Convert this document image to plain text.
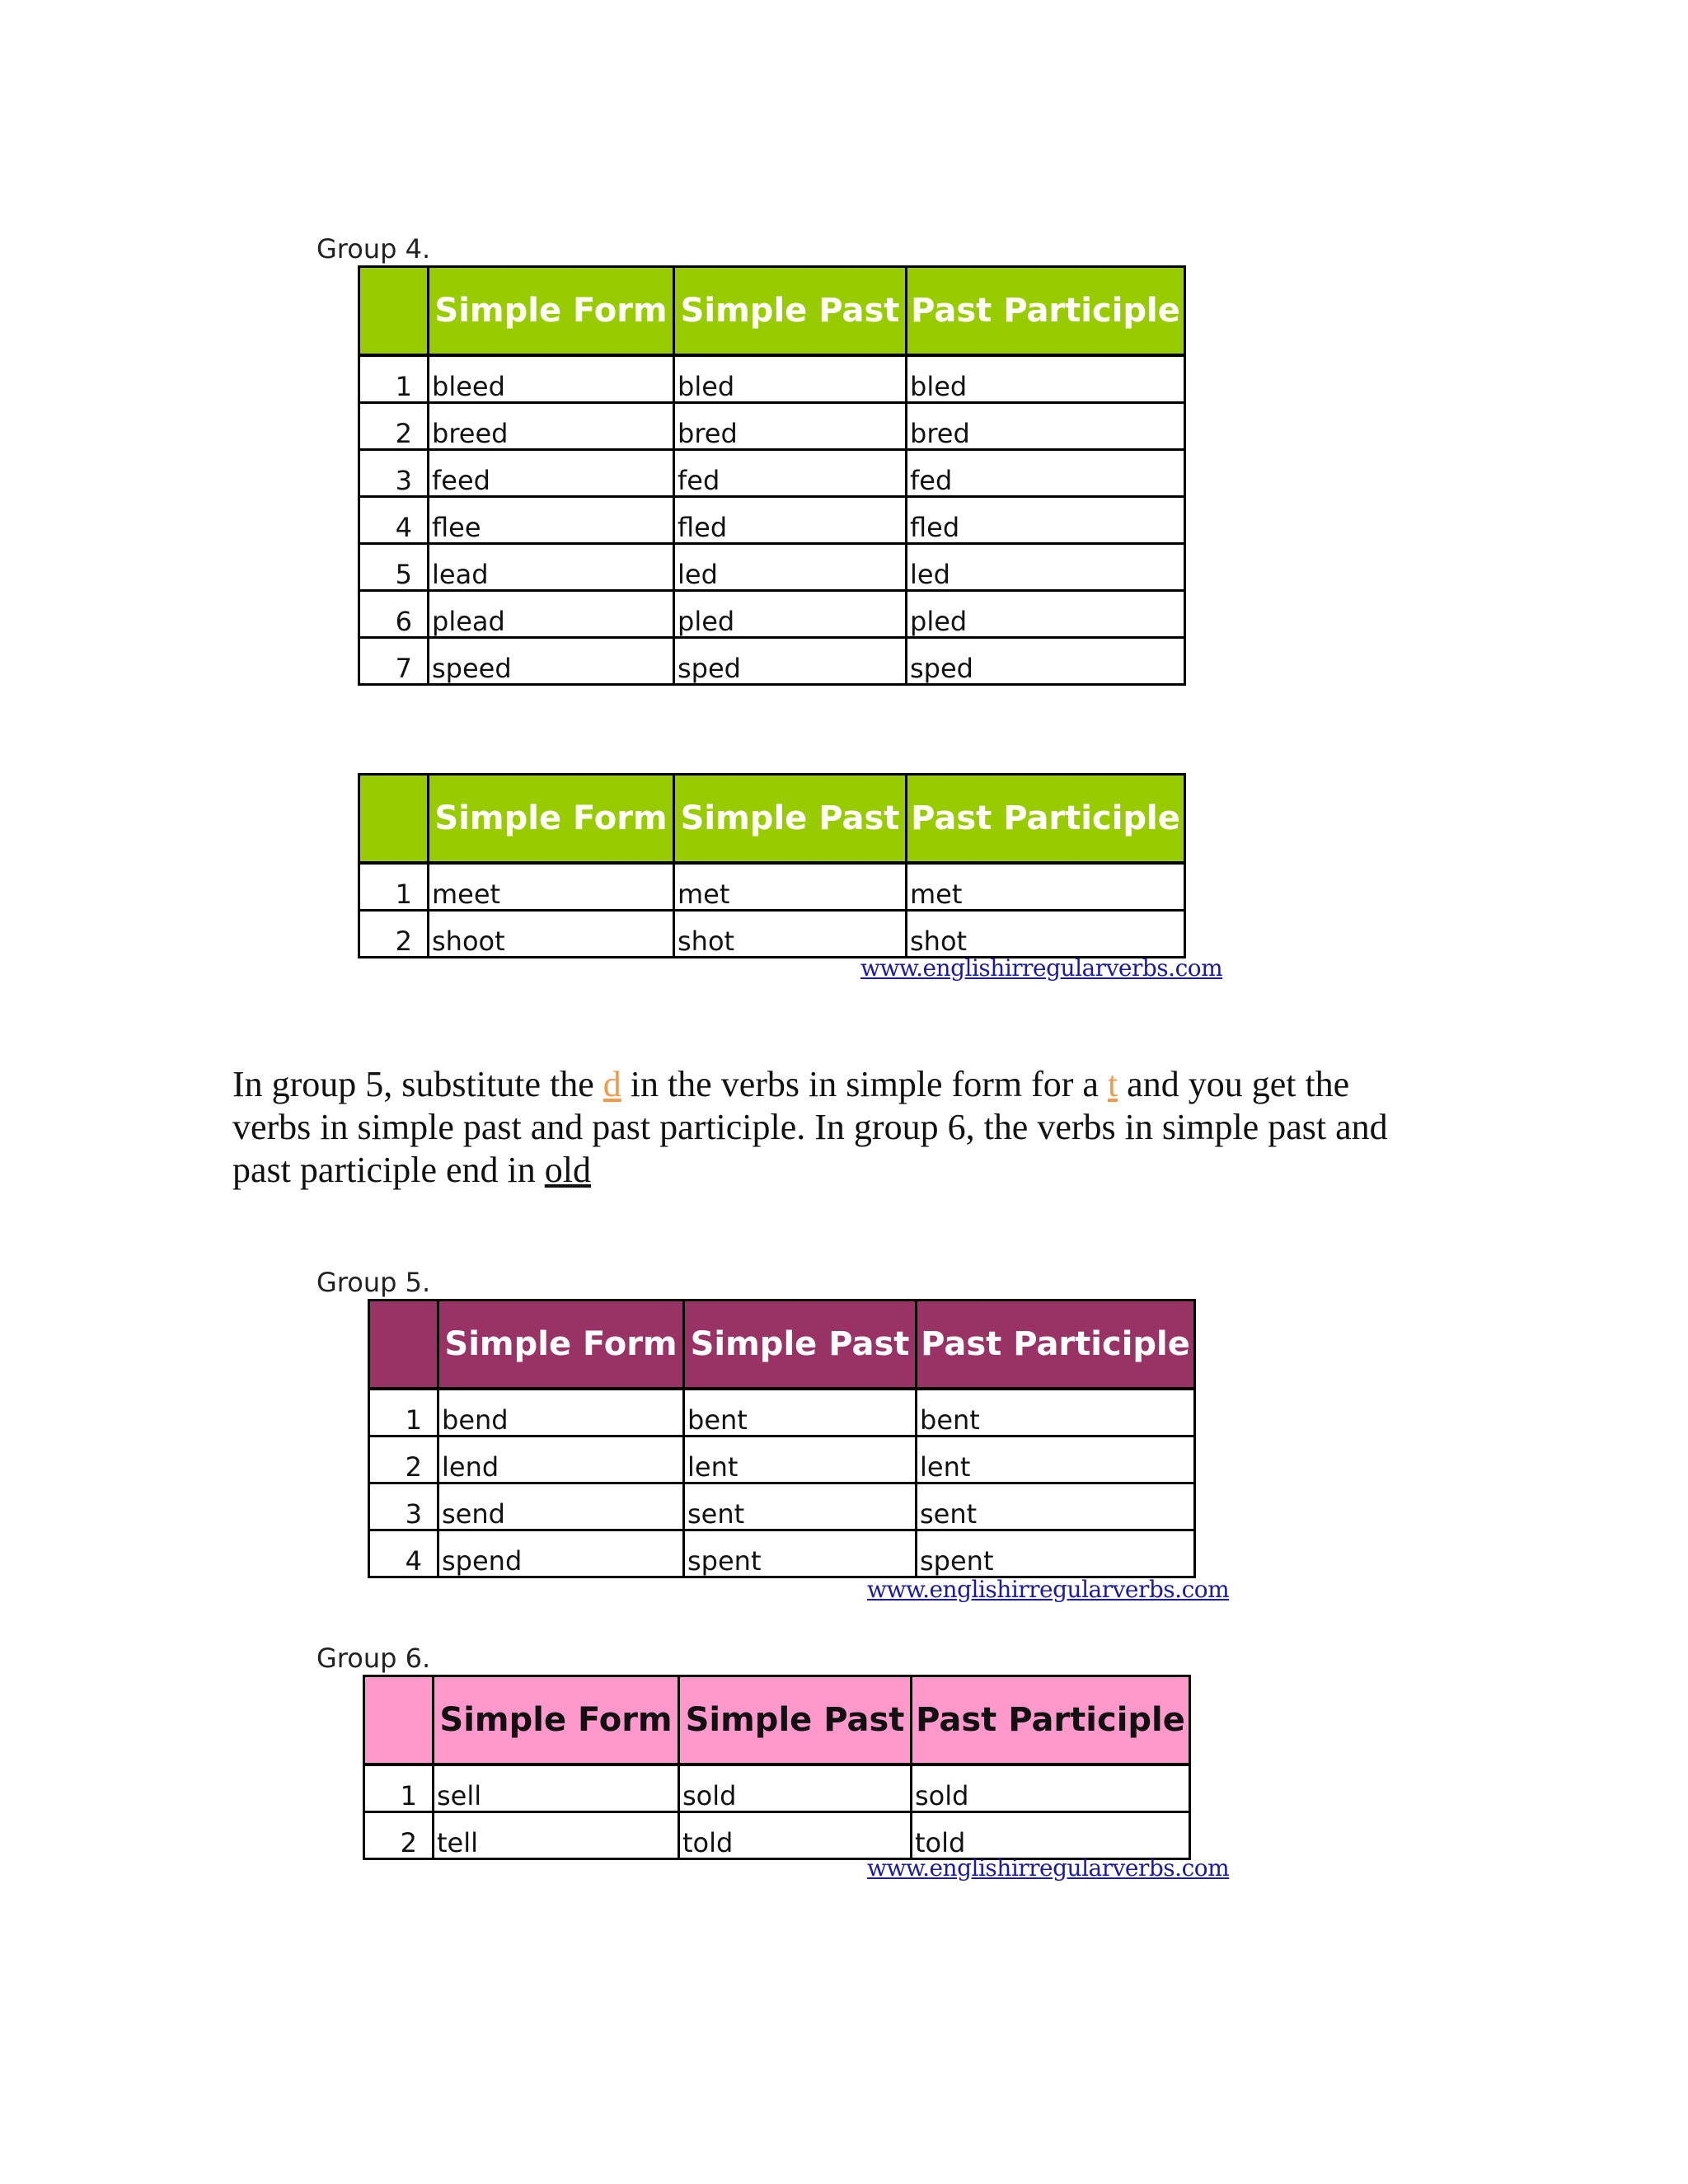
Group 4.
	Simple Form	Simple Past	Past Participle
1	bleed	bled	bled
2	breed	bred	bred
3	feed	fed	fed
4	flee	fled	fled
5	lead	led	led
6	plead	pled	pled
7	speed	sped	sped
	Simple Form	Simple Past	Past Participle
1	meet	met	met
2	shoot	shot	shot
www.englishirregularverbs.com
In group 5, substitute the d in the verbs in simple form for a t and you get the verbs in simple past and past participle. In group 6, the verbs in simple past and past participle end in old
Group 5.
	Simple Form	Simple Past	Past Participle
1	bend	bent	bent
2	lend	lent	lent
3	send	sent	sent
4	spend	spent	spent
www.englishirregularverbs.com
Group 6.
	Simple Form	Simple Past	Past Participle
1	sell	sold	sold
2	tell	told	told
www.englishirregularverbs.com
